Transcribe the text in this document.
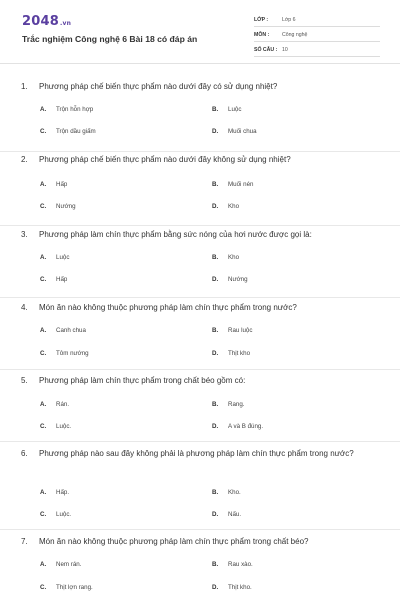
2048.vn
Trắc nghiệm Công nghệ 6 Bài 18 có đáp án
LỚP :	Lớp 6
MÔN :	Công nghệ
SỐ CÂU : 10
1.	Phương pháp chế biến thực phẩm nào dưới đây có sử dụng nhiệt?
A.	Trộn hỗn hợp	B.	Luộc
C.	Trộn dầu giấm	D.	Muối chua
2.	Phương pháp chế biến thực phẩm nào dưới đây không sử dụng nhiệt?
A.	Hấp	B.	Muối nén
C.	Nướng	D.	Kho
3.	Phương pháp làm chín thực phẩm bằng sức nóng của hơi nước được gọi là:
A.	Luộc	B.	Kho
C.	Hấp	D.	Nướng
4.	Món ăn nào không thuộc phương pháp làm chín thực phẩm trong nước?
A.	Canh chua	B.	Rau luộc
C.	Tôm nướng	D.	Thịt kho
5.	Phương pháp làm chín thực phẩm trong chất béo gồm có:
A.	Rán.	B.	Rang.
C.	Luộc.	D.	A và B đúng.
6.	Phương pháp nào sau đây không phải là phương pháp làm chín thực phẩm trong nước?
A.	Hấp.	B.	Kho.
C.	Luộc.	D.	Nấu.
7.	Món ăn nào không thuộc phương pháp làm chín thực phẩm trong chất béo?
A.	Nem rán.	B.	Rau xào.
C.	Thịt lợn rang.	D.	Thịt kho.
